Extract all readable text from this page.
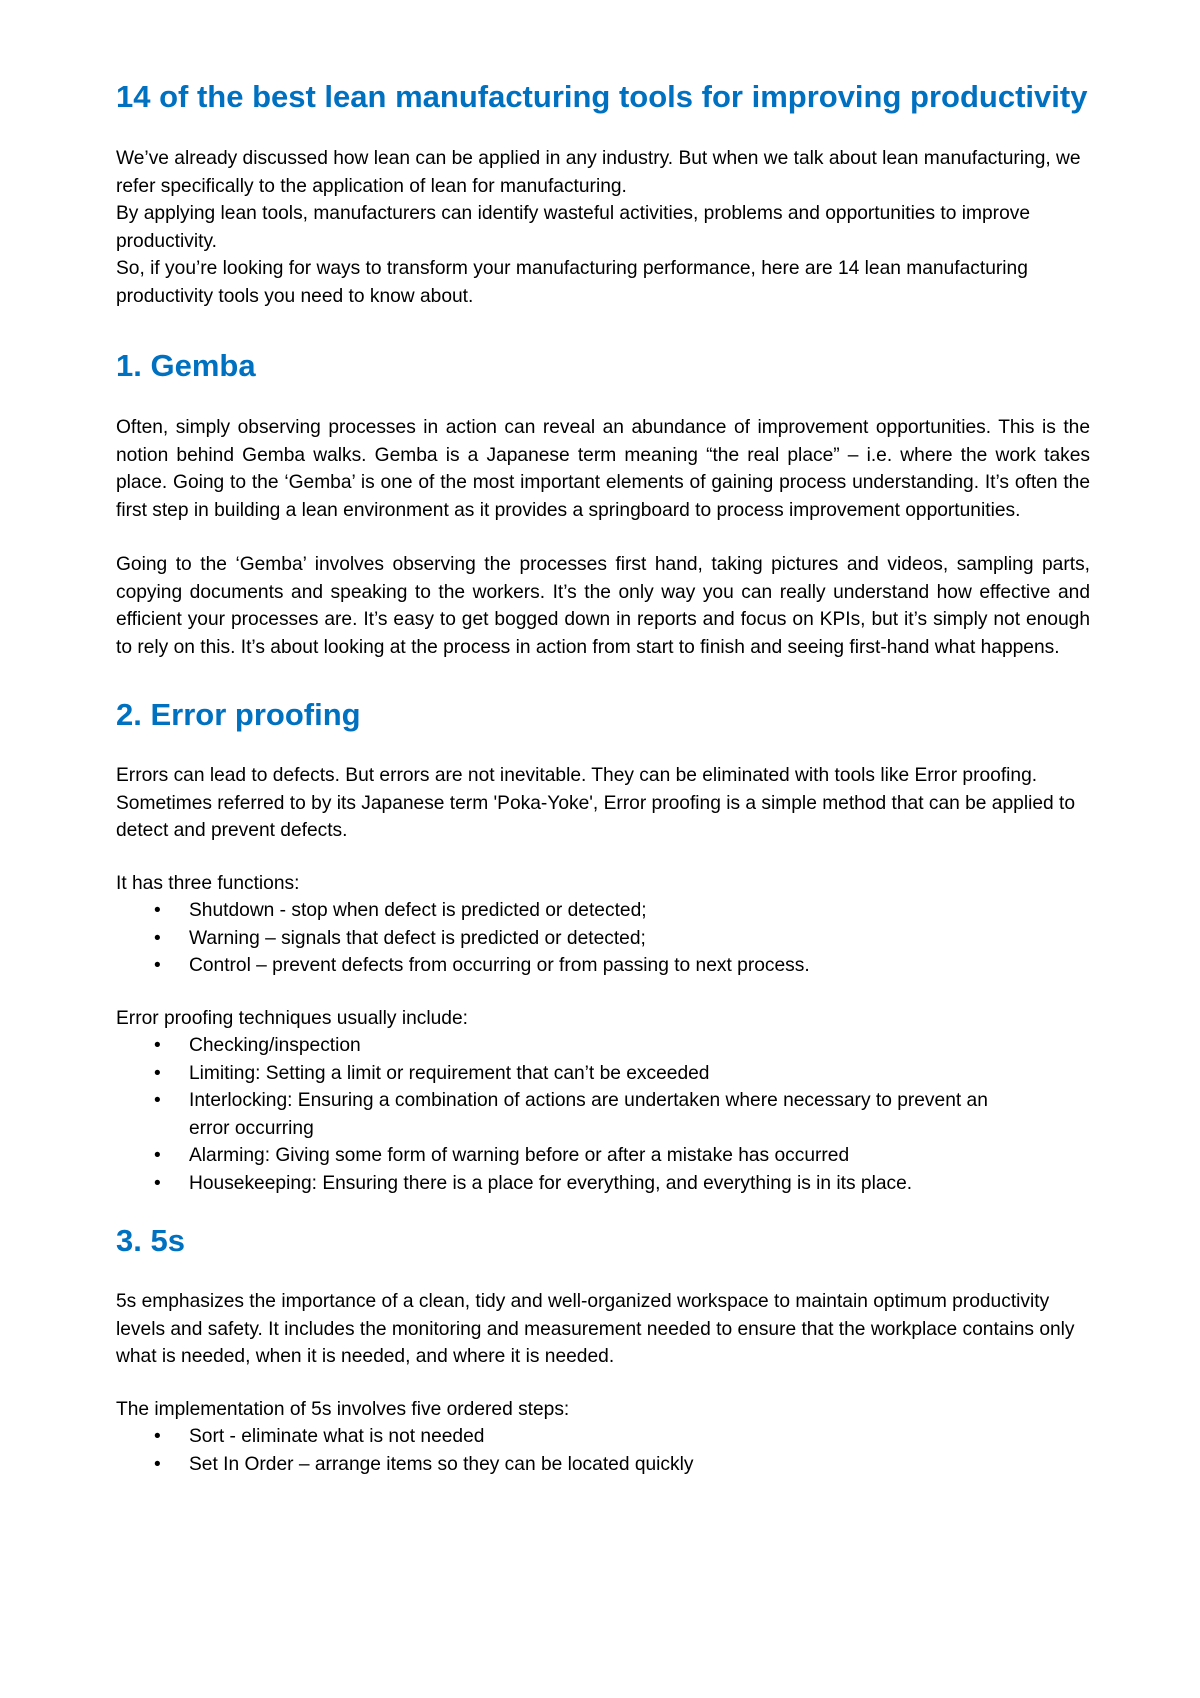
14 of the best lean manufacturing tools for improving productivity

We’ve already discussed how lean can be applied in any industry. But when we talk about lean manufacturing, we refer specifically to the application of lean for manufacturing.

By applying lean tools, manufacturers can identify wasteful activities, problems and opportunities to improve productivity.

So, if you’re looking for ways to transform your manufacturing performance, here are 14 lean manufacturing productivity tools you need to know about.

1. Gemba

Often, simply observing processes in action can reveal an abundance of improvement opportunities. This is the notion behind Gemba walks. Gemba is a Japanese term meaning “the real place” – i.e. where the work takes place. Going to the ‘Gemba’ is one of the most important elements of gaining process understanding. It’s often the first step in building a lean environment as it provides a springboard to process improvement opportunities.

Going to the ‘Gemba’ involves observing the processes first hand, taking pictures and videos, sampling parts, copying documents and speaking to the workers. It’s the only way you can really understand how effective and efficient your processes are. It’s easy to get bogged down in reports and focus on KPIs, but it’s simply not enough to rely on this. It’s about looking at the process in action from start to finish and seeing first-hand what happens.

2. Error proofing

Errors can lead to defects. But errors are not inevitable. They can be eliminated with tools like Error proofing. Sometimes referred to by its Japanese term 'Poka-Yoke', Error proofing is a simple method that can be applied to detect and prevent defects.

It has three functions:

• Shutdown - stop when defect is predicted or detected;
• Warning – signals that defect is predicted or detected;
• Control – prevent defects from occurring or from passing to next process.

Error proofing techniques usually include:

• Checking/inspection
• Limiting: Setting a limit or requirement that can’t be exceeded
• Interlocking: Ensuring a combination of actions are undertaken where necessary to prevent an error occurring
• Alarming: Giving some form of warning before or after a mistake has occurred
• Housekeeping: Ensuring there is a place for everything, and everything is in its place.
3. 5s

5s emphasizes the importance of a clean, tidy and well-organized workspace to maintain optimum productivity levels and safety. It includes the monitoring and measurement needed to ensure that the workplace contains only what is needed, when it is needed, and where it is needed.

The implementation of 5s involves five ordered steps:

• Sort - eliminate what is not needed
• Set In Order – arrange items so they can be located quickly
